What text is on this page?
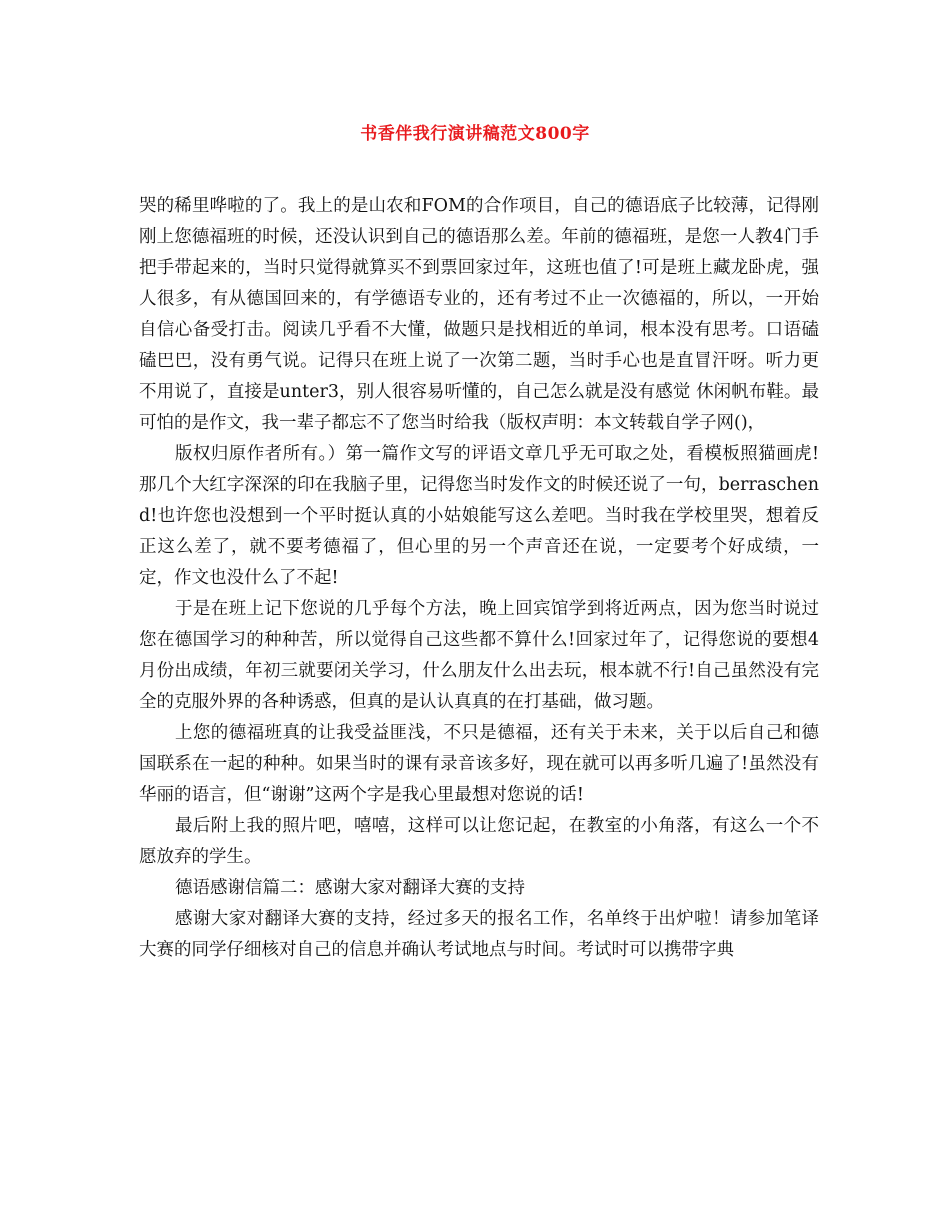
书香伴我行演讲稿范文800字

哭的稀里哗啦的了。我上的是山农和FOM的合作项目，自己的德语底子比较薄，记得刚刚上您德福班的时候，还没认识到自己的德语那么差。年前的德福班，是您一人教4门手把手带起来的，当时只觉得就算买不到票回家过年，这班也值了!可是班上藏龙卧虎，强人很多，有从德国回来的，有学德语专业的，还有考过不止一次德福的，所以，一开始自信心备受打击。阅读几乎看不大懂，做题只是找相近的单词，根本没有思考。口语磕磕巴巴，没有勇气说。记得只在班上说了一次第二题，当时手心也是直冒汗呀。听力更不用说了，直接是unter3，别人很容易听懂的，自己怎么就是没有感觉 休闲帆布鞋。最可怕的是作文，我一辈子都忘不了您当时给我（版权声明：本文转载自学子网()，

版权归原作者所有。）第一篇作文写的评语文章几乎无可取之处，看模板照猫画虎!那几个大红字深深的印在我脑子里，记得您当时发作文的时候还说了一句，berraschend!也许您也没想到一个平时挺认真的小姑娘能写这么差吧。当时我在学校里哭，想着反正这么差了，就不要考德福了，但心里的另一个声音还在说，一定要考个好成绩，一定，作文也没什么了不起!

于是在班上记下您说的几乎每个方法，晚上回宾馆学到将近两点，因为您当时说过您在德国学习的种种苦，所以觉得自己这些都不算什么!回家过年了，记得您说的要想4月份出成绩，年初三就要闭关学习，什么朋友什么出去玩，根本就不行!自己虽然没有完全的克服外界的各种诱惑，但真的是认认真真的在打基础，做习题。

上您的德福班真的让我受益匪浅，不只是德福，还有关于未来，关于以后自己和德国联系在一起的种种。如果当时的课有录音该多好，现在就可以再多听几遍了!虽然没有华丽的语言，但“谢谢”这两个字是我心里最想对您说的话!

最后附上我的照片吧，嘻嘻，这样可以让您记起，在教室的小角落，有这么一个不愿放弃的学生。

德语感谢信篇二：感谢大家对翻译大赛的支持

感谢大家对翻译大赛的支持，经过多天的报名工作，名单终于出炉啦！请参加笔译大赛的同学仔细核对自己的信息并确认考试地点与时间。考试时可以携带字典
